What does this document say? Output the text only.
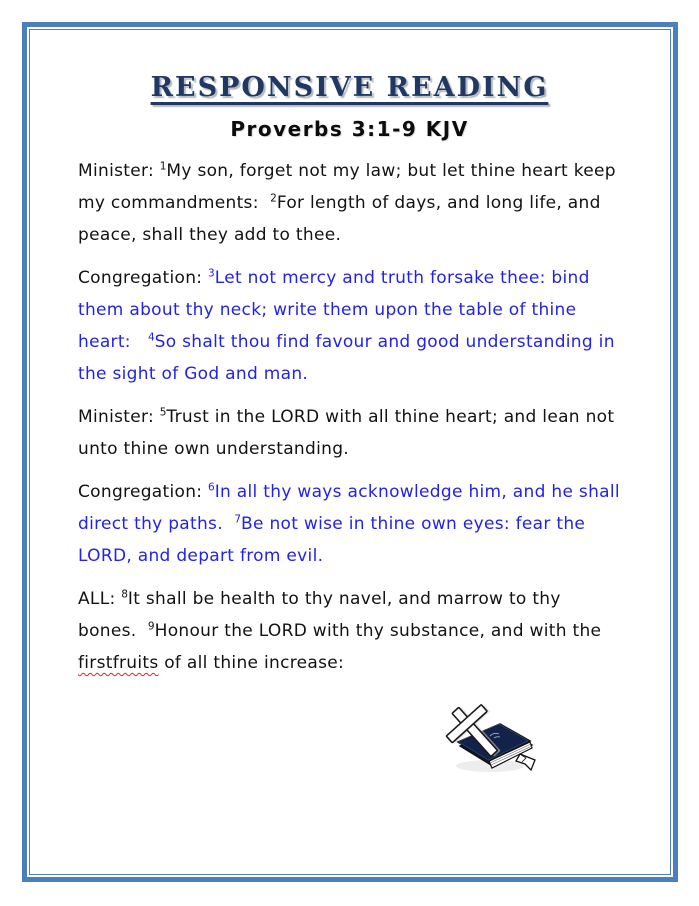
RESPONSIVE READING
Proverbs 3:1-9 KJV

Minister: $^1$My son, forget not my law; but let thine heart keep my commandments:  $^2$For length of days, and long life, and peace, shall they add to thee.

Congregation: $^3$Let not mercy and truth forsake thee: bind them about thy neck; write them upon the table of thine heart:   $^4$So shalt thou find favour and good understanding in the sight of God and man.

Minister: $^5$Trust in the LORD with all thine heart; and lean not unto thine own understanding.

Congregation: $^6$In all thy ways acknowledge him, and he shall direct thy paths.  $^7$Be not wise in thine own eyes: fear the LORD, and depart from evil.

ALL: $^8$It shall be health to thy navel, and marrow to thy bones.  $^9$Honour the LORD with thy substance, and with the firstfruits of all thine increase:
